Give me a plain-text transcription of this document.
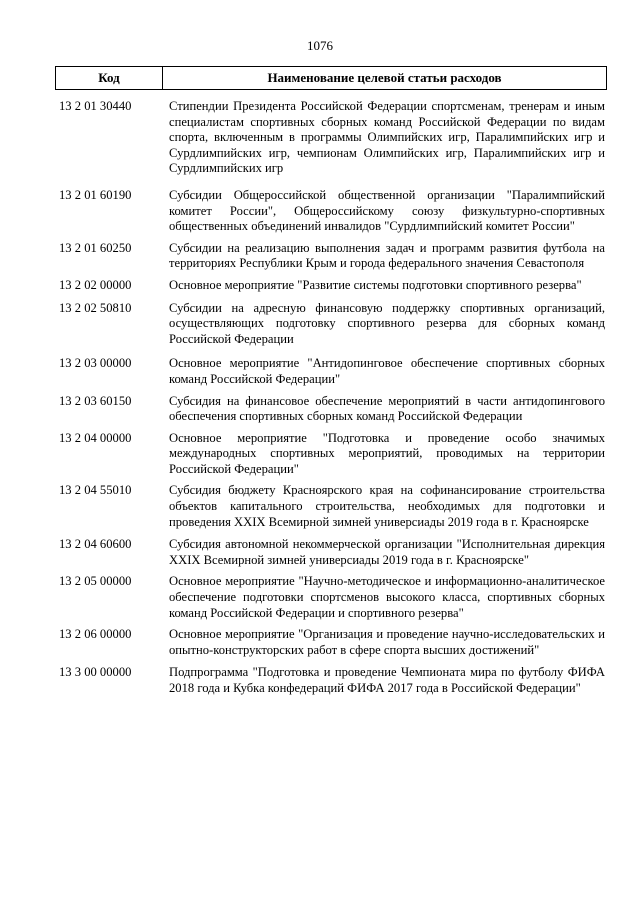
1076
Код	Наименование целевой статьи расходов
13 2 01 30440	Стипендии Президента Российской Федерации спортсменам, тренерам и иным специалистам спортивных сборных команд Российской Федерации по видам спорта, включенным в программы Олимпийских игр, Паралимпийских игр и Сурдлимпийских игр, чемпионам Олимпийских игр, Паралимпийских игр и Сурдлимпийских игр
13 2 01 60190	Субсидии Общероссийской общественной организации "Паралимпийский комитет России", Общероссийскому союзу физкультурно-спортивных общественных объединений инвалидов "Сурдлимпийский комитет России"
13 2 01 60250	Субсидии на реализацию выполнения задач и программ развития футбола на территориях Республики Крым и города федерального значения Севастополя
13 2 02 00000	Основное мероприятие "Развитие системы подготовки спортивного резерва"
13 2 02 50810	Субсидии на адресную финансовую поддержку спортивных организаций, осуществляющих подготовку спортивного резерва для сборных команд Российской Федерации
13 2 03 00000	Основное мероприятие "Антидопинговое обеспечение спортивных сборных команд Российской Федерации"
13 2 03 60150	Субсидия на финансовое обеспечение мероприятий в части антидопингового обеспечения спортивных сборных команд Российской Федерации
13 2 04 00000	Основное мероприятие "Подготовка и проведение особо значимых международных спортивных мероприятий, проводимых на территории Российской Федерации"
13 2 04 55010	Субсидия бюджету Красноярского края на софинансирование строительства объектов капитального строительства, необходимых для подготовки и проведения XXIX Всемирной зимней универсиады 2019 года в г. Красноярске
13 2 04 60600	Субсидия автономной некоммерческой организации "Исполнительная дирекция XXIX Всемирной зимней универсиады 2019 года в г. Красноярске"
13 2 05 00000	Основное мероприятие "Научно-методическое и информационно-аналитическое обеспечение подготовки спортсменов высокого класса, спортивных сборных команд Российской Федерации и спортивного резерва"
13 2 06 00000	Основное мероприятие "Организация и проведение научно-исследовательских и опытно-конструкторских работ в сфере спорта высших достижений"
13 3 00 00000	Подпрограмма "Подготовка и проведение Чемпионата мира по футболу ФИФА 2018 года и Кубка конфедераций ФИФА 2017 года в Российской Федерации"
